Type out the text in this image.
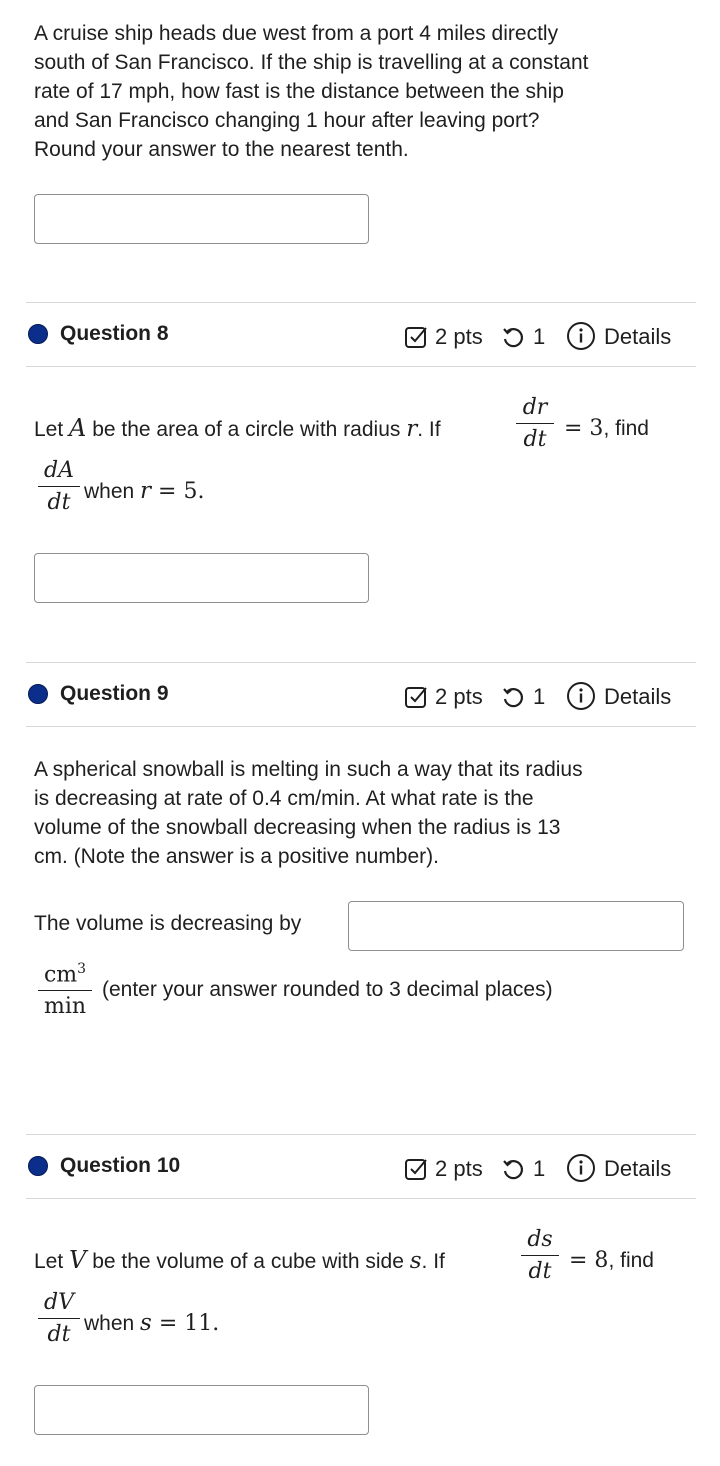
A cruise ship heads due west from a port 4 miles directly
south of San Francisco. If the ship is travelling at a constant
rate of 17 mph, how fast is the distance between the ship
and San Francisco changing 1 hour after leaving port?
Round your answer to the nearest tenth.
Question 8	2 pts 1	Details
Let A be the area of a circle with radius r. If
dr
dt = 3, find
dA
dt when r = 5.
Question 9	2 pts 1	Details
A spherical snowball is melting in such a way that its radius
is decreasing at rate of 0.4 cm/min. At what rate is the
volume of the snowball decreasing when the radius is 13
cm. (Note the answer is a positive number).
The volume is decreasing by
$cm^3$
min
(enter your answer rounded to 3 decimal places)
Question 10	2 pts 1	Details
Let V be the volume of a cube with side s. If
ds
dt = 8, find
dV
dt when s = 11.
